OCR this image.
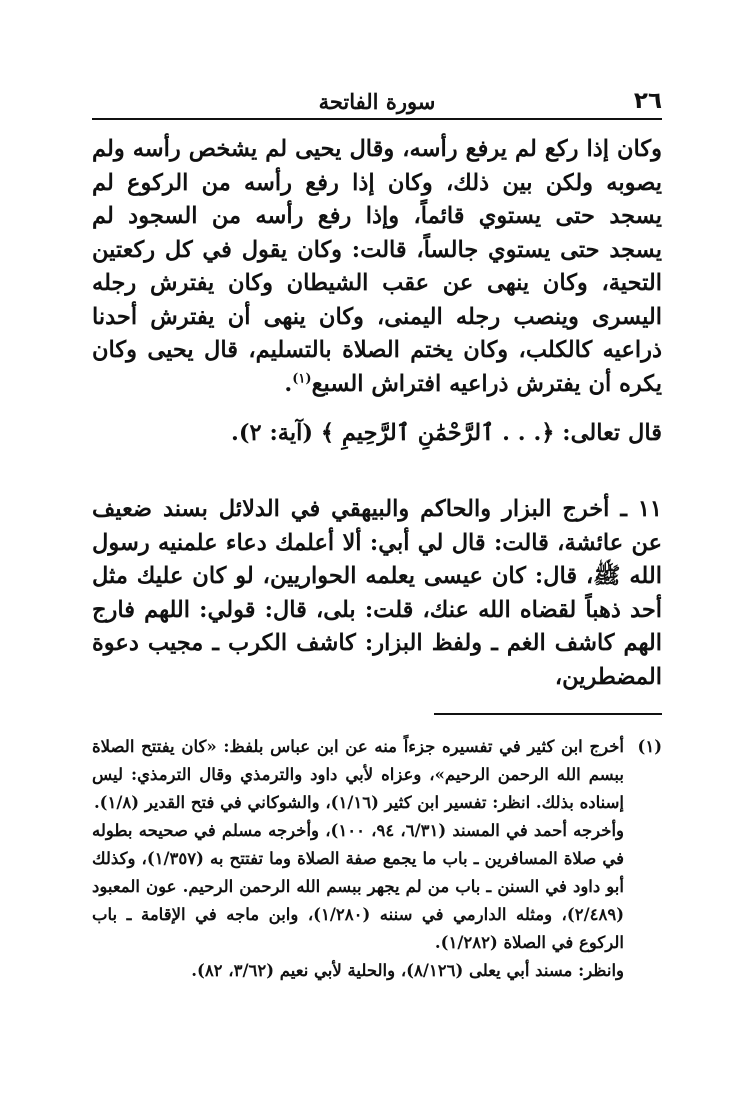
٢٦
سورة الفاتحة

وكان إذا ركع لم يرفع رأسه، وقال يحيى لم يشخص رأسه ولم يصوبه ولكن بين ذلك، وكان إذا رفع رأسه من الركوع لم يسجد حتى يستوي قائماً، وإذا رفع رأسه من السجود لم يسجد حتى يستوي جالساً، قالت: وكان يقول في كل ركعتين التحية، وكان ينهى عن عقب الشيطان وكان يفترش رجله اليسرى وينصب رجله اليمنى، وكان ينهى أن يفترش أحدنا ذراعيه كالكلب، وكان يختم الصلاة بالتسليم، قال يحيى وكان يكره أن يفترش ذراعيه افتراش السبع$^{(١)}$.

قال تعالى: ﴿. . . ٱلرَّحْمَٰنِ ٱلرَّحِيمِ ﴾ (آية: ٢).

١١ ـ أخرج البزار والحاكم والبيهقي في الدلائل بسند ضعيف عن عائشة، قالت: قال لي أبي: ألا أعلمك دعاء علمنيه رسول الله ﷺ، قال: كان عيسى يعلمه الحواريين، لو كان عليك مثل أحد ذهباً لقضاه الله عنك، قلت: بلى، قال: قولي: اللهم فارج الهم كاشف الغم ـ ولفظ البزار: كاشف الكرب ـ مجيب دعوة المضطرين،

(١)

أخرج ابن كثير في تفسيره جزءاً منه عن ابن عباس بلفظ: «كان يفتتح الصلاة ببسم الله الرحمن الرحيم»، وعزاه لأبي داود والترمذي وقال الترمذي: ليس إسناده بذلك. انظر: تفسير ابن كثير (١/١٦)، والشوكاني في فتح القدير (١/٨).

وأخرجه أحمد في المسند (٦/٣١، ٩٤، ١٠٠)، وأخرجه مسلم في صحيحه بطوله في صلاة المسافرين ـ باب ما يجمع صفة الصلاة وما تفتتح به (١/٣٥٧)، وكذلك أبو داود في السنن ـ باب من لم يجهر ببسم الله الرحمن الرحيم. عون المعبود (٢/٤٨٩)، ومثله الدارمي في سننه (١/٢٨٠)، وابن ماجه في الإقامة ـ باب الركوع في الصلاة (١/٢٨٢).

وانظر: مسند أبي يعلى (٨/١٢٦)، والحلية لأبي نعيم (٣/٦٢، ٨٢).
